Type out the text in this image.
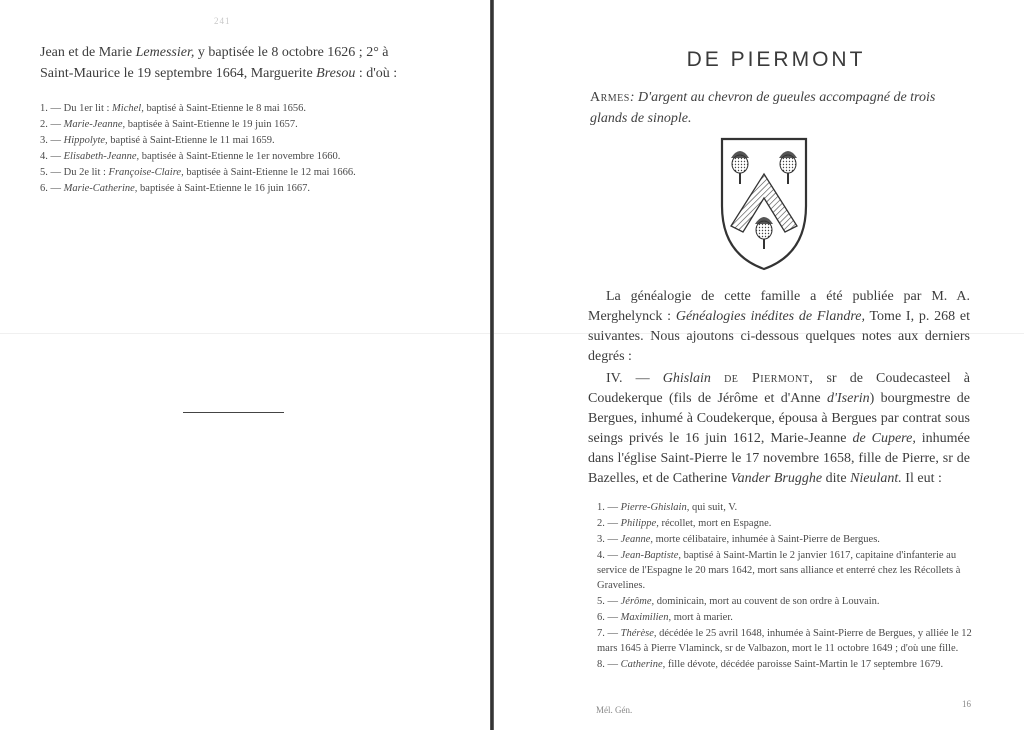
241
Jean et de Marie Lemessier, y baptisée le 8 octobre 1626 ; 2° à Saint-Maurice le 19 septembre 1664, Marguerite Bresou : d'où :
1. — Du 1er lit : Michel, baptisé à Saint-Etienne le 8 mai 1656.
2. — Marie-Jeanne, baptisée à Saint-Etienne le 19 juin 1657.
3. — Hippolyte, baptisé à Saint-Etienne le 11 mai 1659.
4. — Elisabeth-Jeanne, baptisée à Saint-Etienne le 1er novembre 1660.
5. — Du 2e lit : Françoise-Claire, baptisée à Saint-Etienne le 12 mai 1666.
6. — Marie-Catherine, baptisée à Saint-Etienne le 16 juin 1667.
DE PIERMONT
Armes: D'argent au chevron de gueules accompagné de trois glands de sinople.
La généalogie de cette famille a été publiée par M. A. Merghelynck : Généalogies inédites de Flandre, Tome I, p. 268 et suivantes. Nous ajoutons ci-dessous quelques notes aux derniers degrés :
IV. — Ghislain de Piermont, sr de Coudecasteel à Coudekerque (fils de Jérôme et d'Anne d'Iserin) bourgmestre de Bergues, inhumé à Coudekerque, épousa à Bergues par contrat sous seings privés le 16 juin 1612, Marie-Jeanne de Cupere, inhumée dans l'église Saint-Pierre le 17 novembre 1658, fille de Pierre, sr de Bazelles, et de Catherine Vander Brugghe dite Nieulant. Il eut :
1. — Pierre-Ghislain, qui suit, V.
2. — Philippe, récollet, mort en Espagne.
3. — Jeanne, morte célibataire, inhumée à Saint-Pierre de Bergues.
4. — Jean-Baptiste, baptisé à Saint-Martin le 2 janvier 1617, capitaine d'infanterie au service de l'Espagne le 20 mars 1642, mort sans alliance et enterré chez les Récollets à Gravelines.
5. — Jérôme, dominicain, mort au couvent de son ordre à Louvain.
6. — Maximilien, mort à marier.
7. — Thérèse, décédée le 25 avril 1648, inhumée à Saint-Pierre de Bergues, y alliée le 12 mars 1645 à Pierre Vlaminck, sr de Valbazon, mort le 11 octobre 1649 ; d'où une fille.
8. — Catherine, fille dévote, décédée paroisse Saint-Martin le 17 septembre 1679.
Mél. Gén.
16
